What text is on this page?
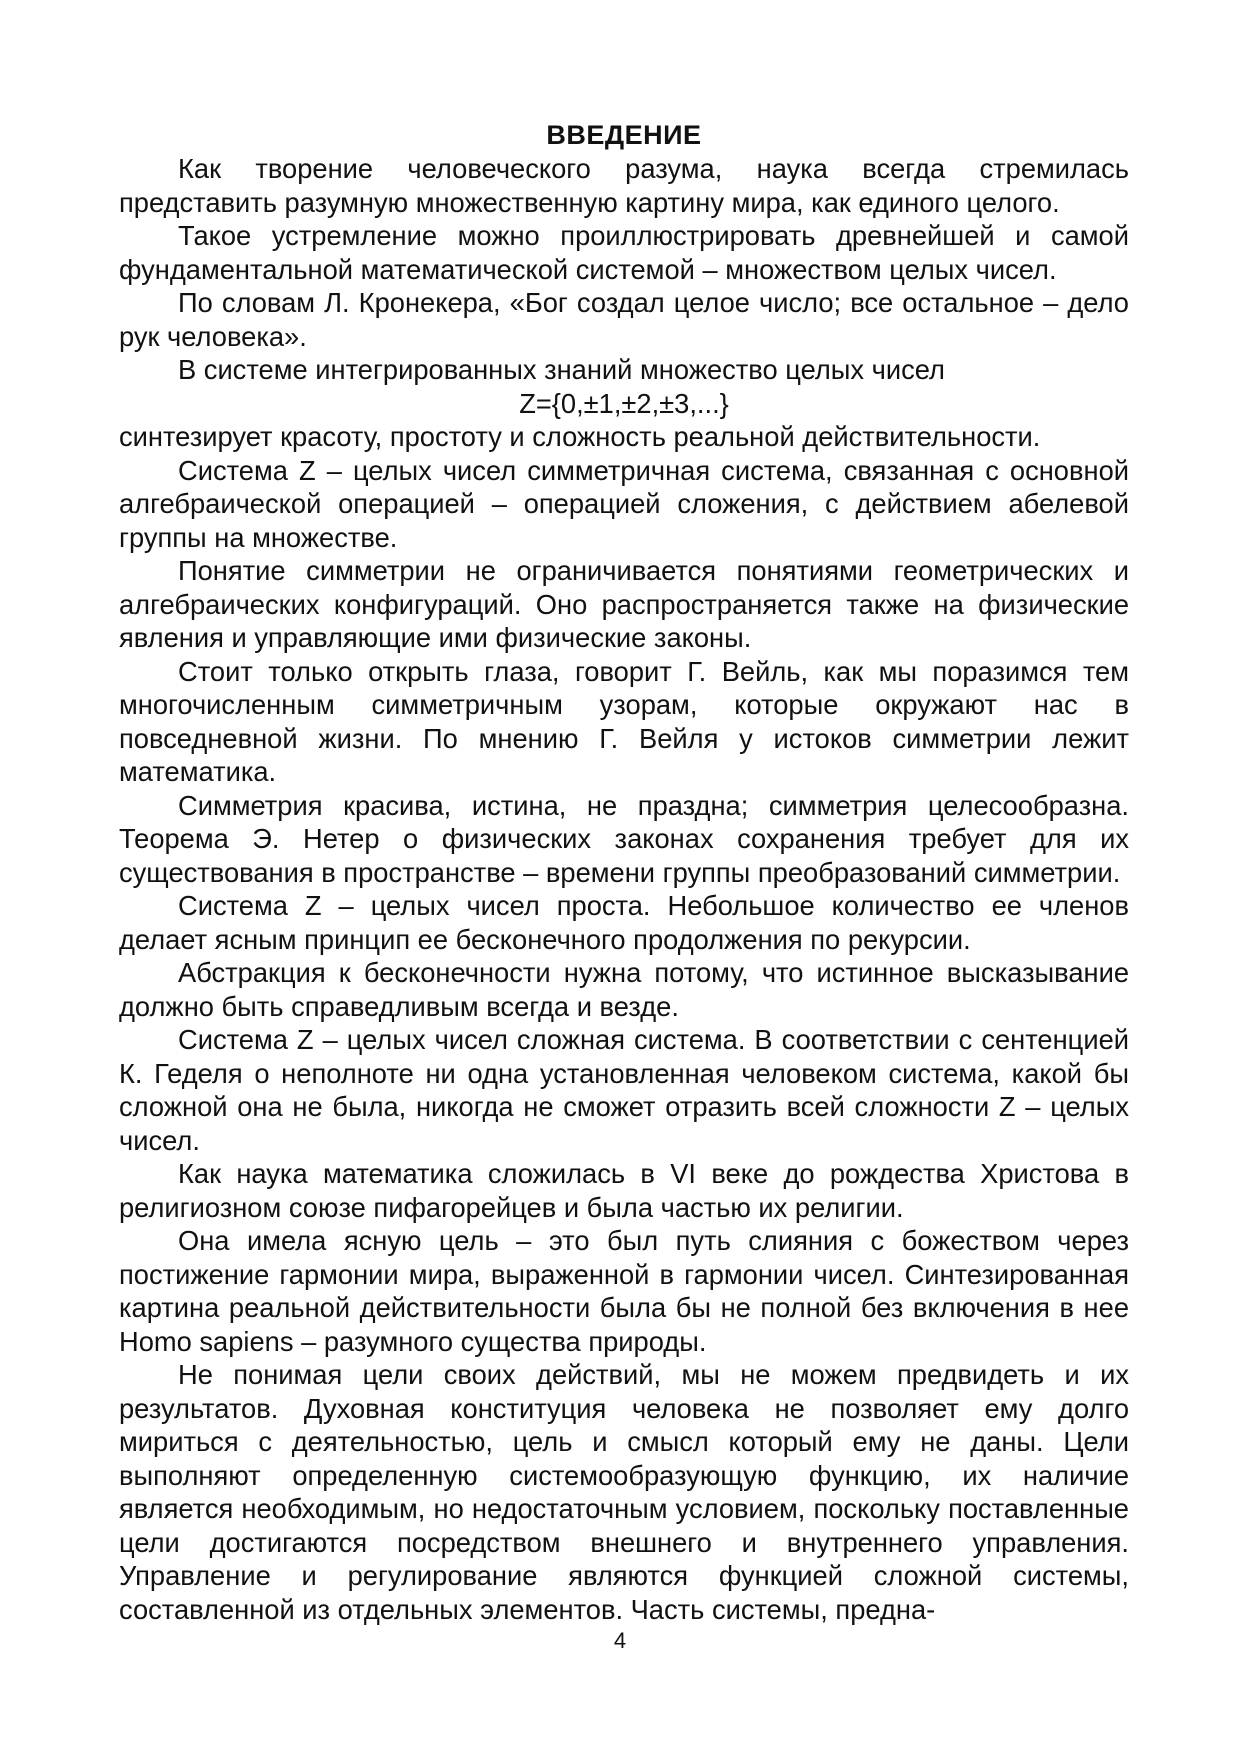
ВВЕДЕНИЕ

Как творение человеческого разума, наука всегда стремилась представить разумную множественную картину мира, как единого целого.

Такое устремление можно проиллюстрировать древнейшей и самой фундаментальной математической системой – множеством целых чисел.

По словам Л. Кронекера, «Бог создал целое число; все остальное – дело рук человека».

В системе интегрированных знаний множество целых чисел

Z={0,±1,±2,±3,...}

синтезирует красоту, простоту и сложность реальной действительности.

Система Z – целых чисел симметричная система, связанная с основной алгебраической операцией – операцией сложения, с действием абелевой группы на множестве.

Понятие симметрии не ограничивается понятиями геометрических и алгебраических конфигураций. Оно распространяется также на физические явления и управляющие ими физические законы.

Стоит только открыть глаза, говорит Г. Вейль, как мы поразимся тем многочисленным симметричным узорам, которые окружают нас в повседневной жизни. По мнению Г. Вейля у истоков симметрии лежит математика.

Симметрия красива, истина, не праздна; симметрия целесообразна. Теорема Э. Нетер о физических законах сохранения требует для их существования в пространстве – времени группы преобразований симметрии.

Система Z – целых чисел проста. Небольшое количество ее членов делает ясным принцип ее бесконечного продолжения по рекурсии.

Абстракция к бесконечности нужна потому, что истинное высказывание должно быть справедливым всегда и везде.

Система Z – целых чисел сложная система. В соответствии с сентенцией К. Геделя о неполноте ни одна установленная человеком система, какой бы сложной она не была, никогда не сможет отразить всей сложности Z – целых чисел.

Как наука математика сложилась в VI веке до рождества Христова в религиозном союзе пифагорейцев и была частью их религии.

Она имела ясную цель – это был путь слияния с божеством через постижение гармонии мира, выраженной в гармонии чисел. Синтезированная картина реальной действительности была бы не полной без включения в нее Homo sapiens – разумного существа природы.

Не понимая цели своих действий, мы не можем предвидеть и их результатов. Духовная конституция человека не позволяет ему долго мириться с деятельностью, цель и смысл который ему не даны. Цели выполняют определенную системообразующую функцию, их наличие является необходимым, но недостаточным условием, поскольку поставленные цели достигаются посредством внешнего и внутреннего управления. Управление и регулирование являются функцией сложной системы, составленной из отдельных элементов. Часть системы, предна-

4
